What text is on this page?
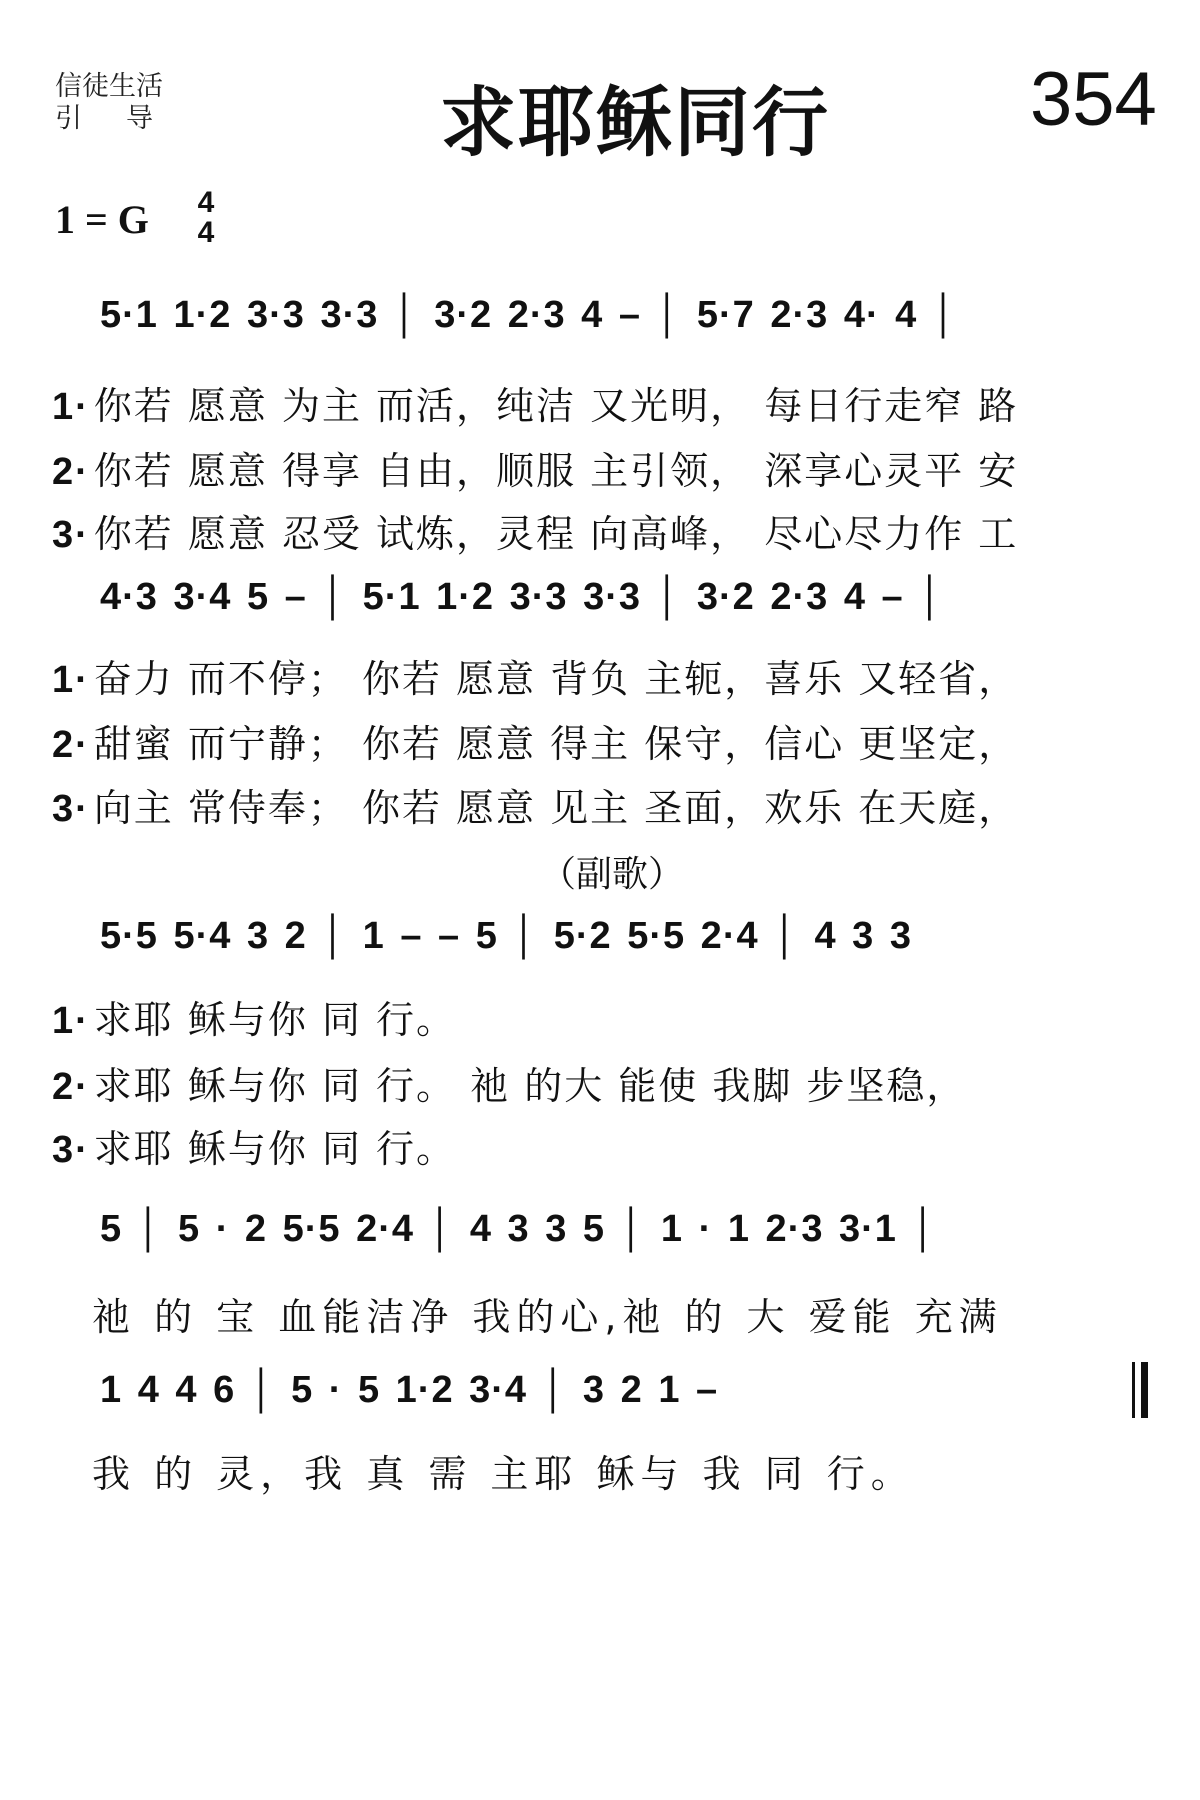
信徒生活
引导	求耶稣同行	354
1 = G 4
4
5·1 1·2 3·3 3·3 │ 3·2 2·3 4 – │ 5·7 2·3 4· 4 │
1· 你若 愿意 为主 而活，纯洁 又光明， 每日行走窄 路
2· 你若 愿意 得享 自由，顺服 主引领， 深享心灵平 安
3· 你若 愿意 忍受 试炼，灵程 向高峰， 尽心尽力作 工
4·3 3·4 5 – │ 5·1 1·2 3·3 3·3 │ 3·2 2·3 4 – │
1· 奋力 而不停； 你若 愿意 背负 主轭，喜乐 又轻省，
2· 甜蜜 而宁静； 你若 愿意 得主 保守，信心 更坚定，
3· 向主 常侍奉； 你若 愿意 见主 圣面，欢乐 在天庭，
（副歌）
5·5 5·4 3 2 │ 1 – – 5 │ 5·2 5·5 2·4 │ 4 3 3
1· 求耶 稣与你 同 行。
2· 求耶 稣与你 同 行。 祂 的大 能使 我脚 步坚稳，
3· 求耶 稣与你 同 行。
5 │ 5 · 2 5·5 2·4 │ 4 3 3 5 │ 1 · 1 2·3 3·1 │
祂 的 宝 血能洁净 我的心,祂 的 大 爱能 充满
1 4 4 6 │ 5 · 5 1·2 3·4 │ 3 2 1 –
我 的 灵，我 真 需 主耶 稣与 我 同 行。
